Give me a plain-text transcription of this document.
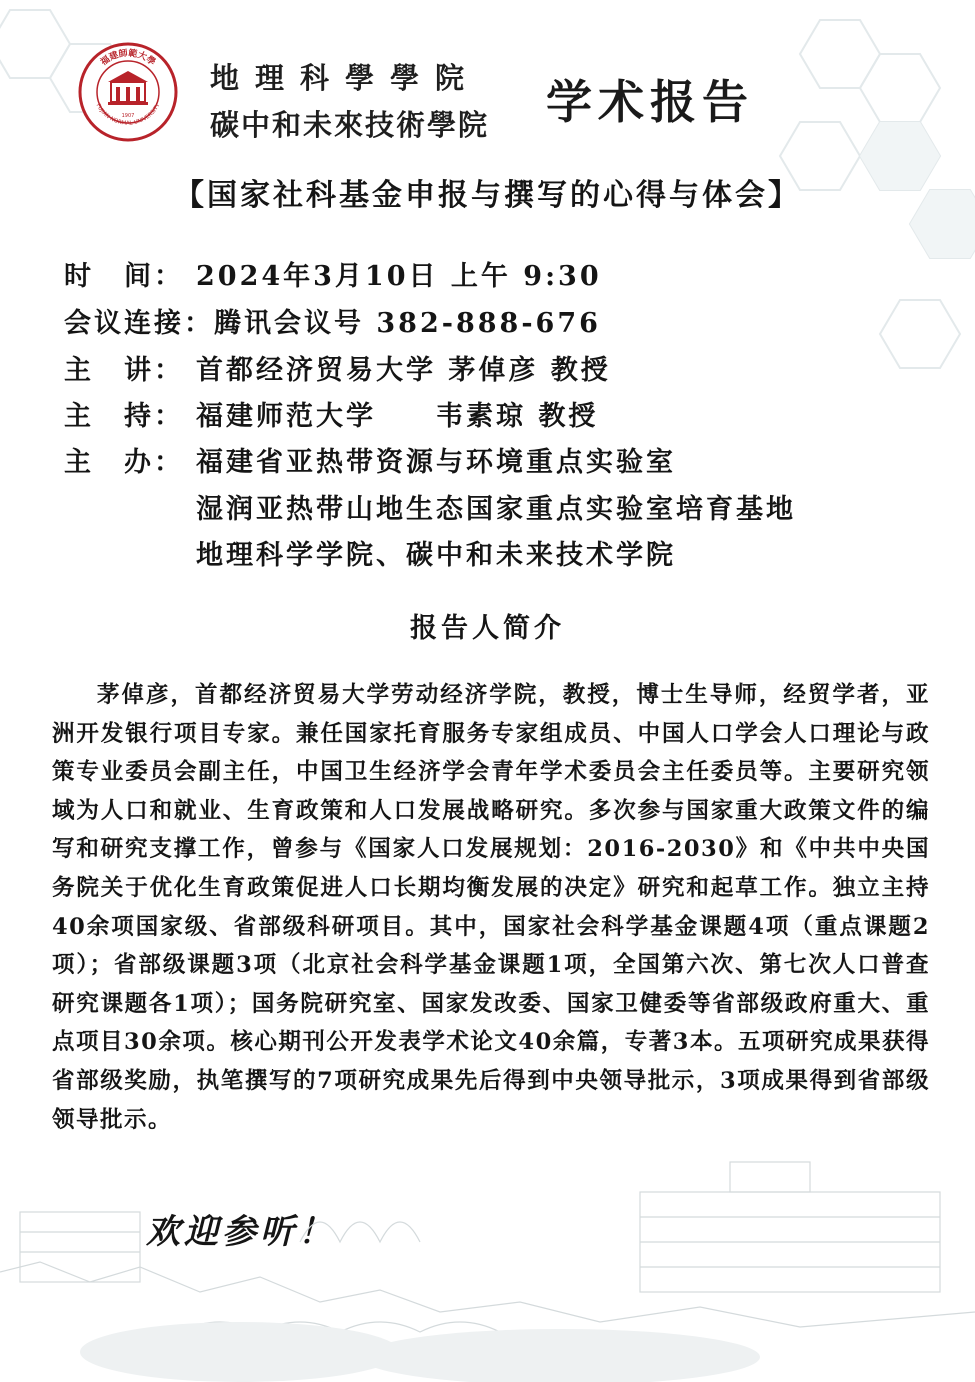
福建師範大學
FUJIAN NORMAL UNIVERSITY
1907
地理科學學院
碳中和未來技術學院 学术报告
【国家社科基金申报与撰写的心得与体会】
时　间： 2024年3月10日 上午 9:30
会议连接：腾讯会议号 382-888-676
主　讲： 首都经济贸易大学 茅倬彦 教授
主　持： 福建师范大学　　韦素琼 教授
主　办： 福建省亚热带资源与环境重点实验室
湿润亚热带山地生态国家重点实验室培育基地
地理科学学院、碳中和未来技术学院
报告人简介
茅倬彦，首都经济贸易大学劳动经济学院，教授，博士生导师，经贸学者，亚洲开发银行项目专家。兼任国家托育服务专家组成员、中国人口学会人口理论与政策专业委员会副主任，中国卫生经济学会青年学术委员会主任委员等。主要研究领域为人口和就业、生育政策和人口发展战略研究。多次参与国家重大政策文件的编写和研究支撑工作，曾参与《国家人口发展规划：2016-2030》和《中共中央国务院关于优化生育政策促进人口长期均衡发展的决定》研究和起草工作。独立主持40余项国家级、省部级科研项目。其中，国家社会科学基金课题4项（重点课题2项）；省部级课题3项（北京社会科学基金课题1项，全国第六次、第七次人口普查研究课题各1项）；国务院研究室、国家发改委、国家卫健委等省部级政府重大、重点项目30余项。核心期刊公开发表学术论文40余篇，专著3本。五项研究成果获得省部级奖励，执笔撰写的7项研究成果先后得到中央领导批示，3项成果得到省部级领导批示。
欢迎参听！
